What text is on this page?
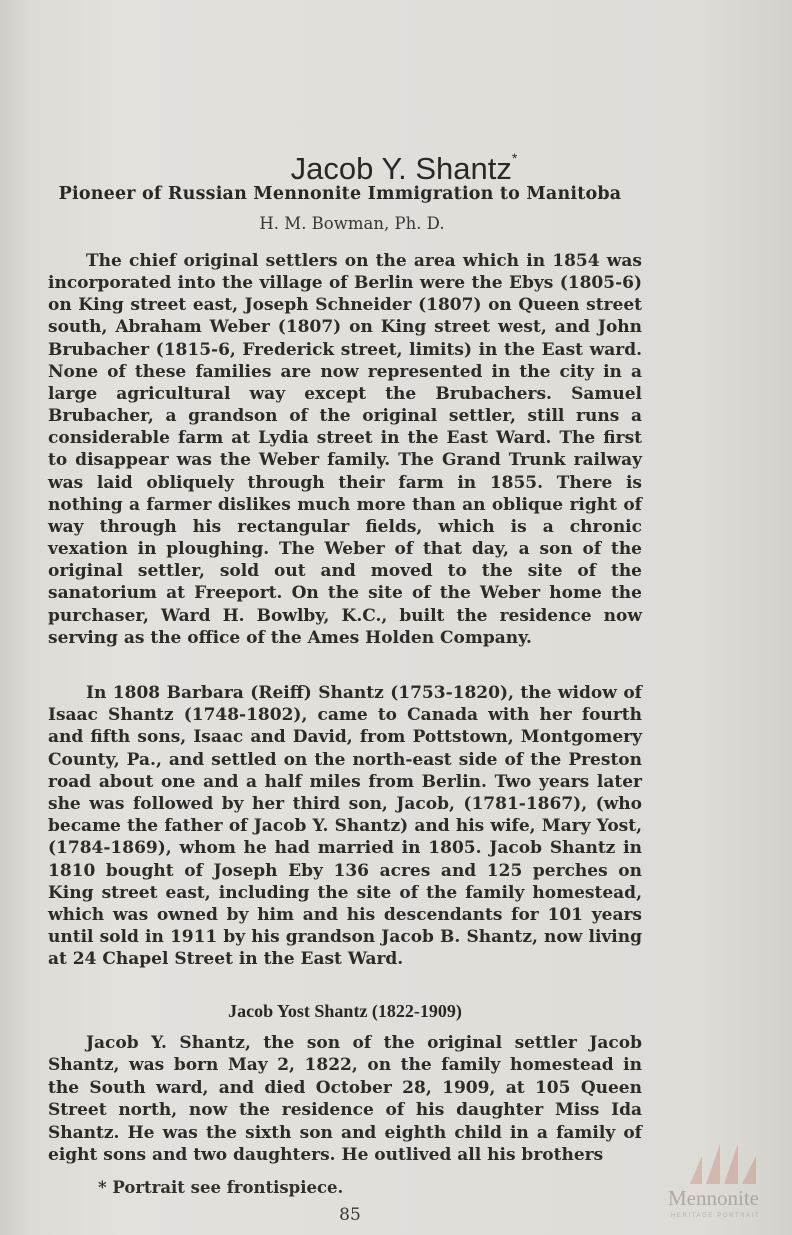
Jacob Y. Shantz*
Pioneer of Russian Mennonite Immigration to Manitoba
H. M. Bowman, Ph. D.

The chief original settlers on the area which in 1854 was incorporated into the village of Berlin were the Ebys (1805-6) on King street east, Joseph Schneider (1807) on Queen street south, Abraham Weber (1807) on King street west, and John Brubacher (1815-6, Frederick street, limits) in the East ward. None of these families are now represented in the city in a large agricultural way except the Brubachers. Samuel Brubacher, a grandson of the original settler, still runs a considerable farm at Lydia street in the East Ward. The first to disappear was the Weber family. The Grand Trunk railway was laid obliquely through their farm in 1855. There is nothing a farmer dislikes much more than an oblique right of way through his rectangular fields, which is a chronic vexation in ploughing. The Weber of that day, a son of the original settler, sold out and moved to the site of the sanatorium at Freeport. On the site of the Weber home the purchaser, Ward H. Bowlby, K.C., built the residence now serving as the office of the Ames Holden Company.

In 1808 Barbara (Reiff) Shantz (1753-1820), the widow of Isaac Shantz (1748-1802), came to Canada with her fourth and fifth sons, Isaac and David, from Pottstown, Montgomery County, Pa., and settled on the north-east side of the Preston road about one and a half miles from Berlin. Two years later she was followed by her third son, Jacob, (1781-1867), (who became the father of Jacob Y. Shantz) and his wife, Mary Yost, (1784-1869), whom he had married in 1805. Jacob Shantz in 1810 bought of Joseph Eby 136 acres and 125 perches on King street east, including the site of the family homestead, which was owned by him and his descendants for 101 years until sold in 1911 by his grandson Jacob B. Shantz, now living at 24 Chapel Street in the East Ward.

Jacob Yost Shantz (1822-1909)

Jacob Y. Shantz, the son of the original settler Jacob Shantz, was born May 2, 1822, on the family homestead in the South ward, and died October 28, 1909, at 105 Queen Street north, now the residence of his daughter Miss Ida Shantz. He was the sixth son and eighth child in a family of eight sons and two daughters. He outlived all his brothers

* Portrait see frontispiece.
85
Mennonite
HERITAGE PORTRAIT
